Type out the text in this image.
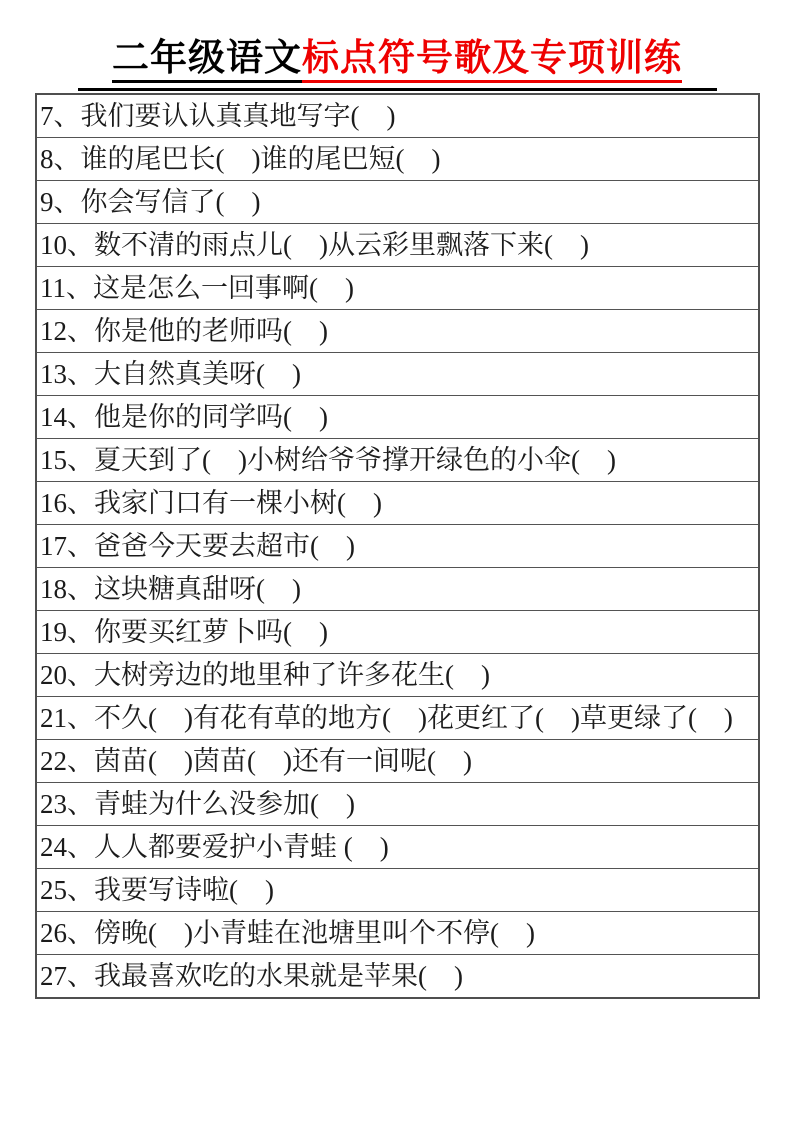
二年级语文标点符号歌及专项训练
7、我们要认认真真地写字(　)
8、谁的尾巴长(　)谁的尾巴短(　)
9、你会写信了(　)
10、数不清的雨点儿(　)从云彩里飘落下来(　)
11、这是怎么一回事啊(　)
12、你是他的老师吗(　)
13、大自然真美呀(　)
14、他是你的同学吗(　)
15、夏天到了(　)小树给爷爷撑开绿色的小伞(　)
16、我家门口有一棵小树(　)
17、爸爸今天要去超市(　)
18、这块糖真甜呀(　)
19、你要买红萝卜吗(　)
20、大树旁边的地里种了许多花生(　)
21、不久(　)有花有草的地方(　)花更红了(　)草更绿了(　)
22、茵苗(　)茵苗(　)还有一间呢(　)
23、青蛙为什么没参加(　)
24、人人都要爱护小青蛙 (　)
25、我要写诗啦(　)
26、傍晚(　)小青蛙在池塘里叫个不停(　)
27、我最喜欢吃的水果就是苹果(　)
